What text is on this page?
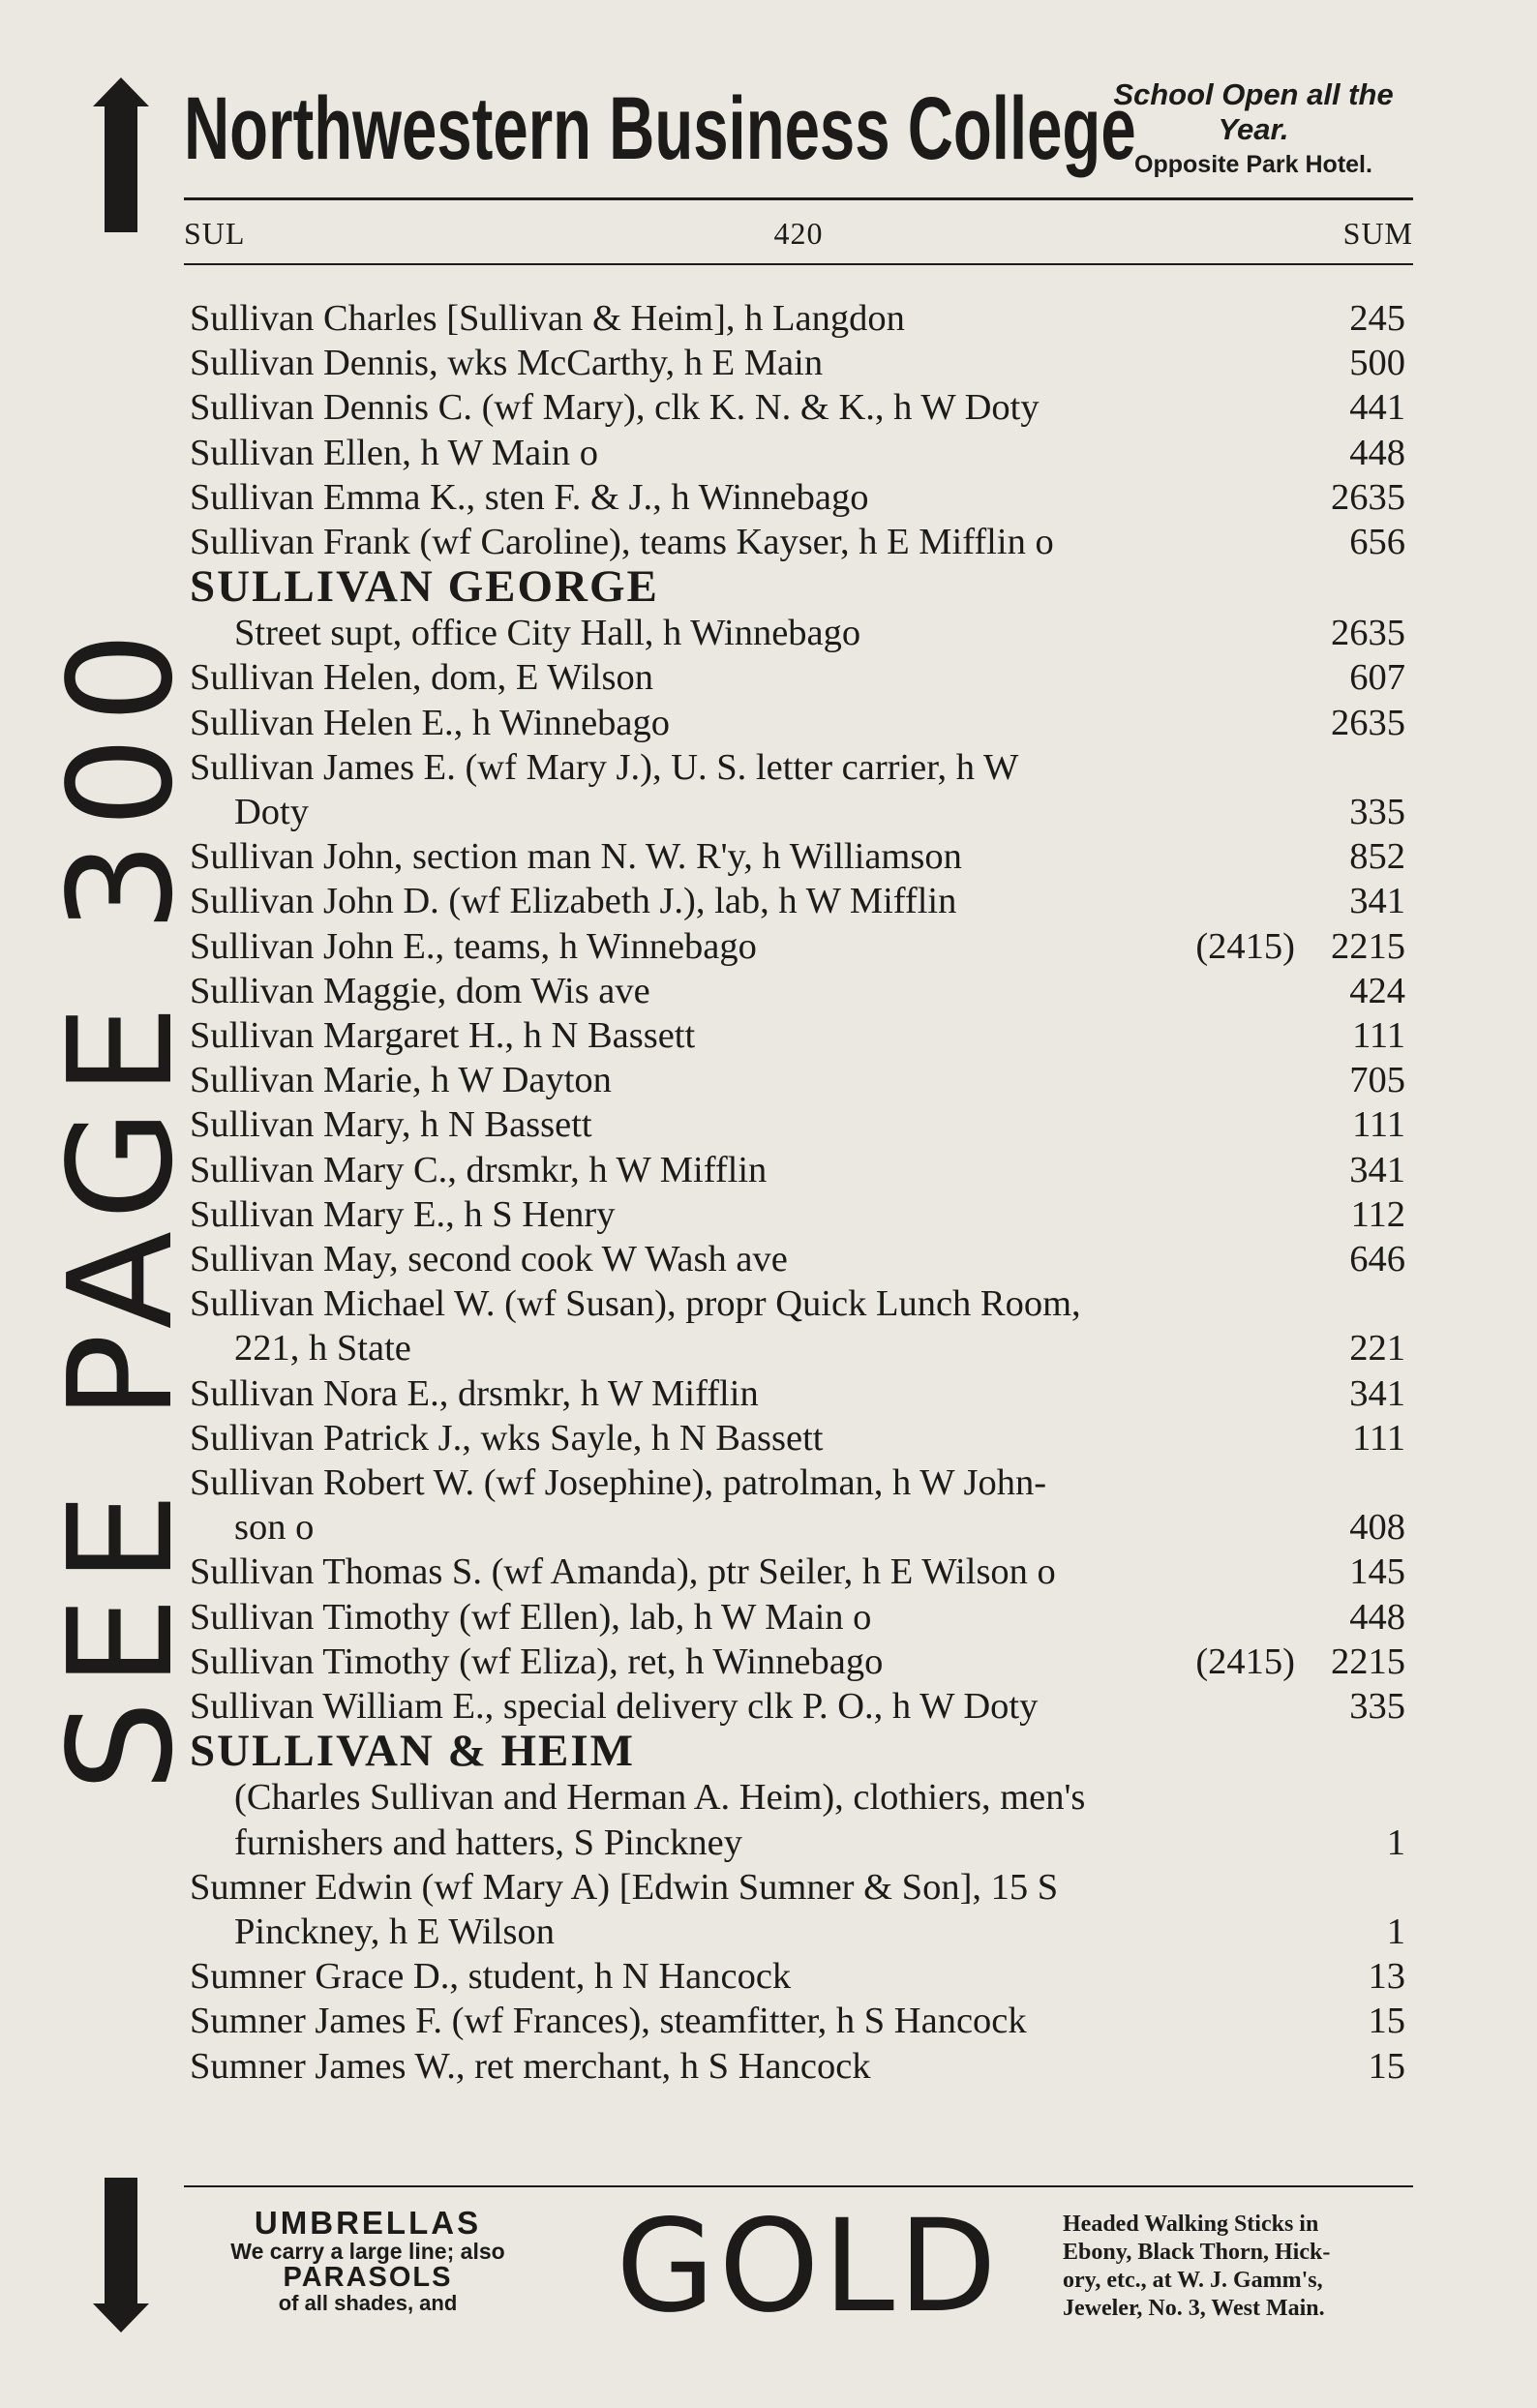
SEE PAGE 300
Northwestern Business College
School Open all the
Year.
Opposite Park Hotel.
420
SUL	SUM
Sullivan Charles [Sullivan & Heim], h Langdon	245
Sullivan Dennis, wks McCarthy, h E Main	500
Sullivan Dennis C. (wf Mary), clk K. N. & K., h W Doty	441
Sullivan Ellen, h W Main o	448
Sullivan Emma K., sten F. & J., h Winnebago	2635
Sullivan Frank (wf Caroline), teams Kayser, h E Mifflin o	656
SULLIVAN GEORGE
Street supt, office City Hall, h Winnebago	2635
Sullivan Helen, dom, E Wilson	607
Sullivan Helen E., h Winnebago	2635
Sullivan James E. (wf Mary J.), U. S. letter carrier, h W
Doty	335
Sullivan John, section man N. W. R'y, h Williamson	852
Sullivan John D. (wf Elizabeth J.), lab, h W Mifflin	341
Sullivan John E., teams, h Winnebago	(2415) 2215
Sullivan Maggie, dom Wis ave	424
Sullivan Margaret H., h N Bassett	111
Sullivan Marie, h W Dayton	705
Sullivan Mary, h N Bassett	111
Sullivan Mary C., drsmkr, h W Mifflin	341
Sullivan Mary E., h S Henry	112
Sullivan May, second cook W Wash ave	646
Sullivan Michael W. (wf Susan), propr Quick Lunch Room,
221, h State	221
Sullivan Nora E., drsmkr, h W Mifflin	341
Sullivan Patrick J., wks Sayle, h N Bassett	111
Sullivan Robert W. (wf Josephine), patrolman, h W John-
son o	408
Sullivan Thomas S. (wf Amanda), ptr Seiler, h E Wilson o	145
Sullivan Timothy (wf Ellen), lab, h W Main o	448
Sullivan Timothy (wf Eliza), ret, h Winnebago	(2415) 2215
Sullivan William E., special delivery clk P. O., h W Doty	335
SULLIVAN & HEIM
(Charles Sullivan and Herman A. Heim), clothiers, men's
furnishers and hatters, S Pinckney	1
Sumner Edwin (wf Mary A) [Edwin Sumner & Son], 15 S
Pinckney, h E Wilson	1
Sumner Grace D., student, h N Hancock	13
Sumner James F. (wf Frances), steamfitter, h S Hancock	15
Sumner James W., ret merchant, h S Hancock	15
UMBRELLAS
We carry a large line; also
PARASOLS
of all shades, and	GOLD	Headed Walking Sticks in
Ebony, Black Thorn, Hick-
ory, etc., at W. J. Gamm's,
Jeweler, No. 3, West Main.
